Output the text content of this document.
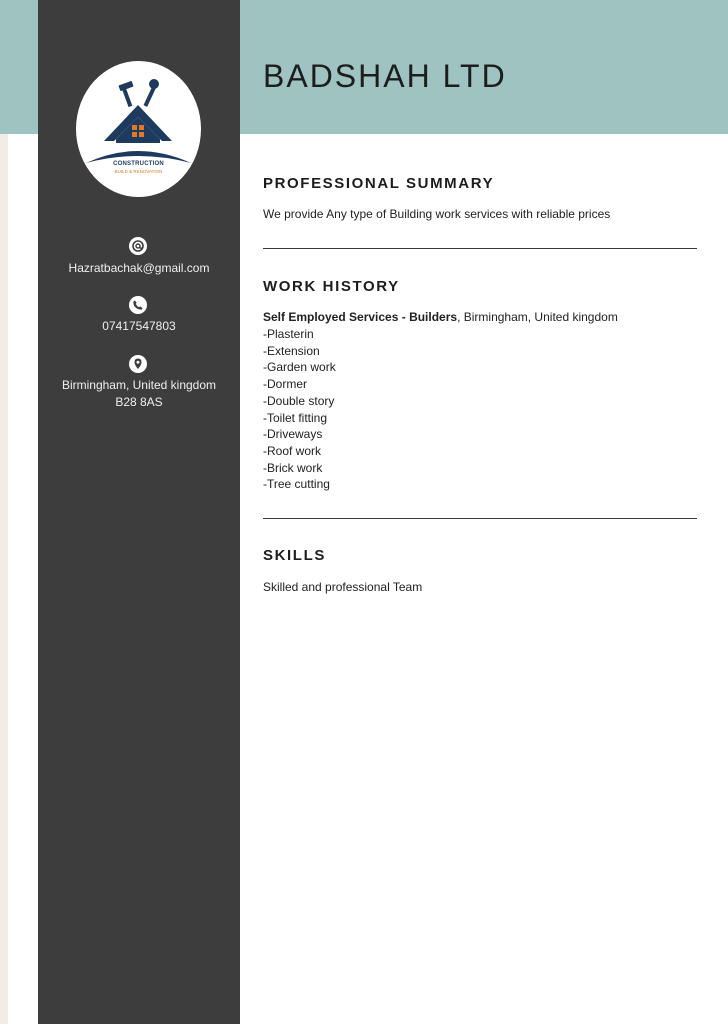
CONSTRUCTION
BUILD & RENOVATION
Hazratbachak@gmail.com
07417547803
Birmingham, United kingdom
B28 8AS
BADSHAH LTD
PROFESSIONAL SUMMARY
We provide Any type of Building work services with reliable prices
WORK HISTORY
Self Employed Services - Builders, Birmingham, United kingdom
-Plasterin
-Extension
-Garden work
-Dormer
-Double story
-Toilet fitting
-Driveways
-Roof work
-Brick work
-Tree cutting
SKILLS
Skilled and professional Team
